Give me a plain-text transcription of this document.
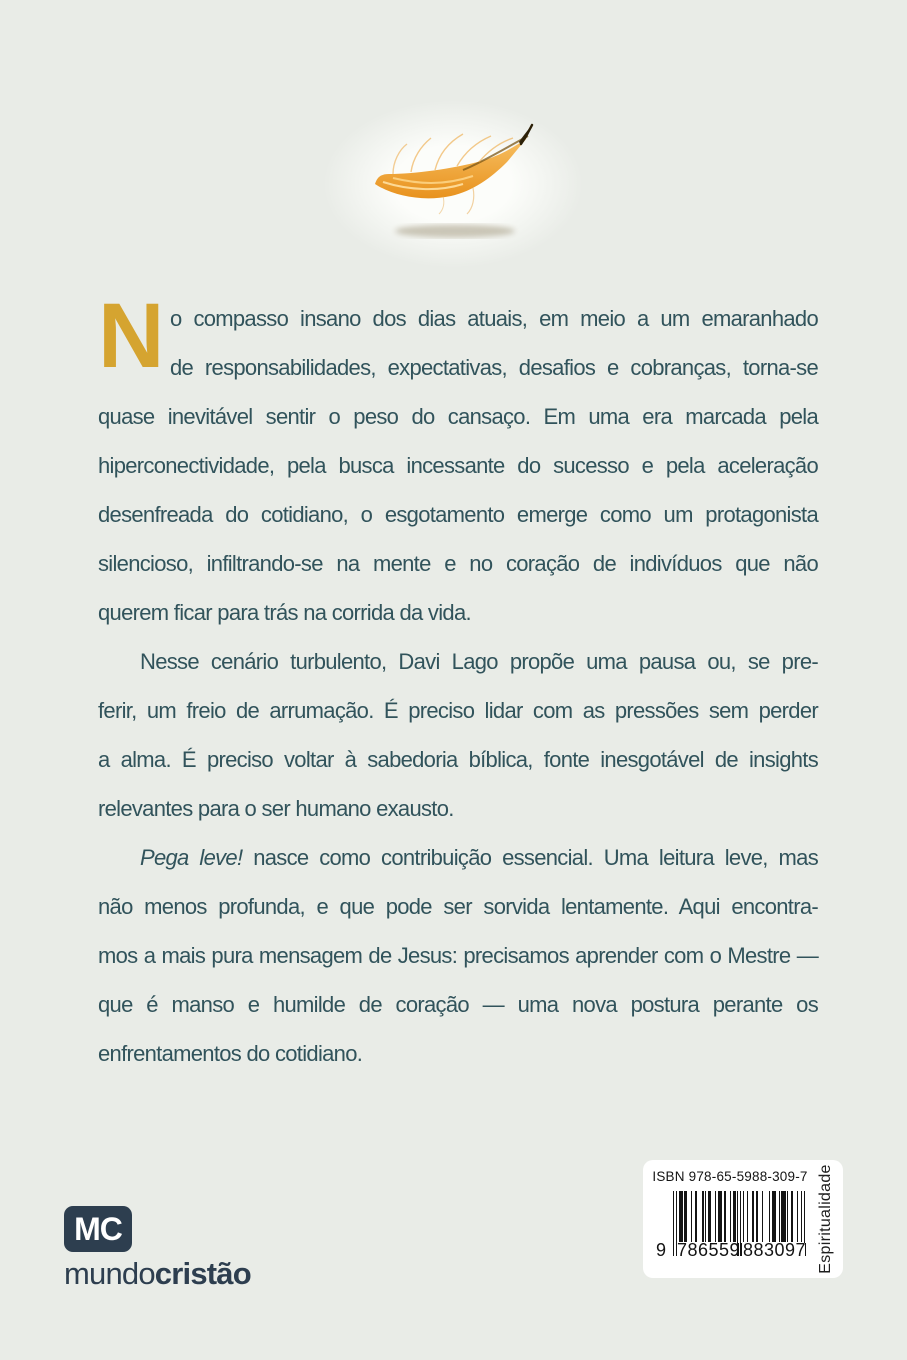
N o compasso insano dos dias atuais, em meio a um emaranhado
de responsabilidades, expectativas, desafios e cobranças, torna-se
quase inevitável sentir o peso do cansaço. Em uma era marcada pela
hiperconectividade, pela busca incessante do sucesso e pela aceleração
desenfreada do cotidiano, o esgotamento emerge como um protagonista
silencioso, infiltrando-se na mente e no coração de indivíduos que não
querem ficar para trás na corrida da vida.
Nesse cenário turbulento, Davi Lago propõe uma pausa ou, se pre-
ferir, um freio de arrumação. É preciso lidar com as pressões sem perder
a alma. É preciso voltar à sabedoria bíblica, fonte inesgotável de insights
relevantes para o ser humano exausto.
Pega leve! nasce como contribuição essencial. Uma leitura leve, mas
não menos profunda, e que pode ser sorvida lentamente. Aqui encontra-
mos a mais pura mensagem de Jesus: precisamos aprender com o Mestre —
que é manso e humilde de coração — uma nova postura perante os
enfrentamentos do cotidiano.
MC
mundocristão
ISBN 978-65-5988-309-7
9 786559 883097 Espiritualidade
